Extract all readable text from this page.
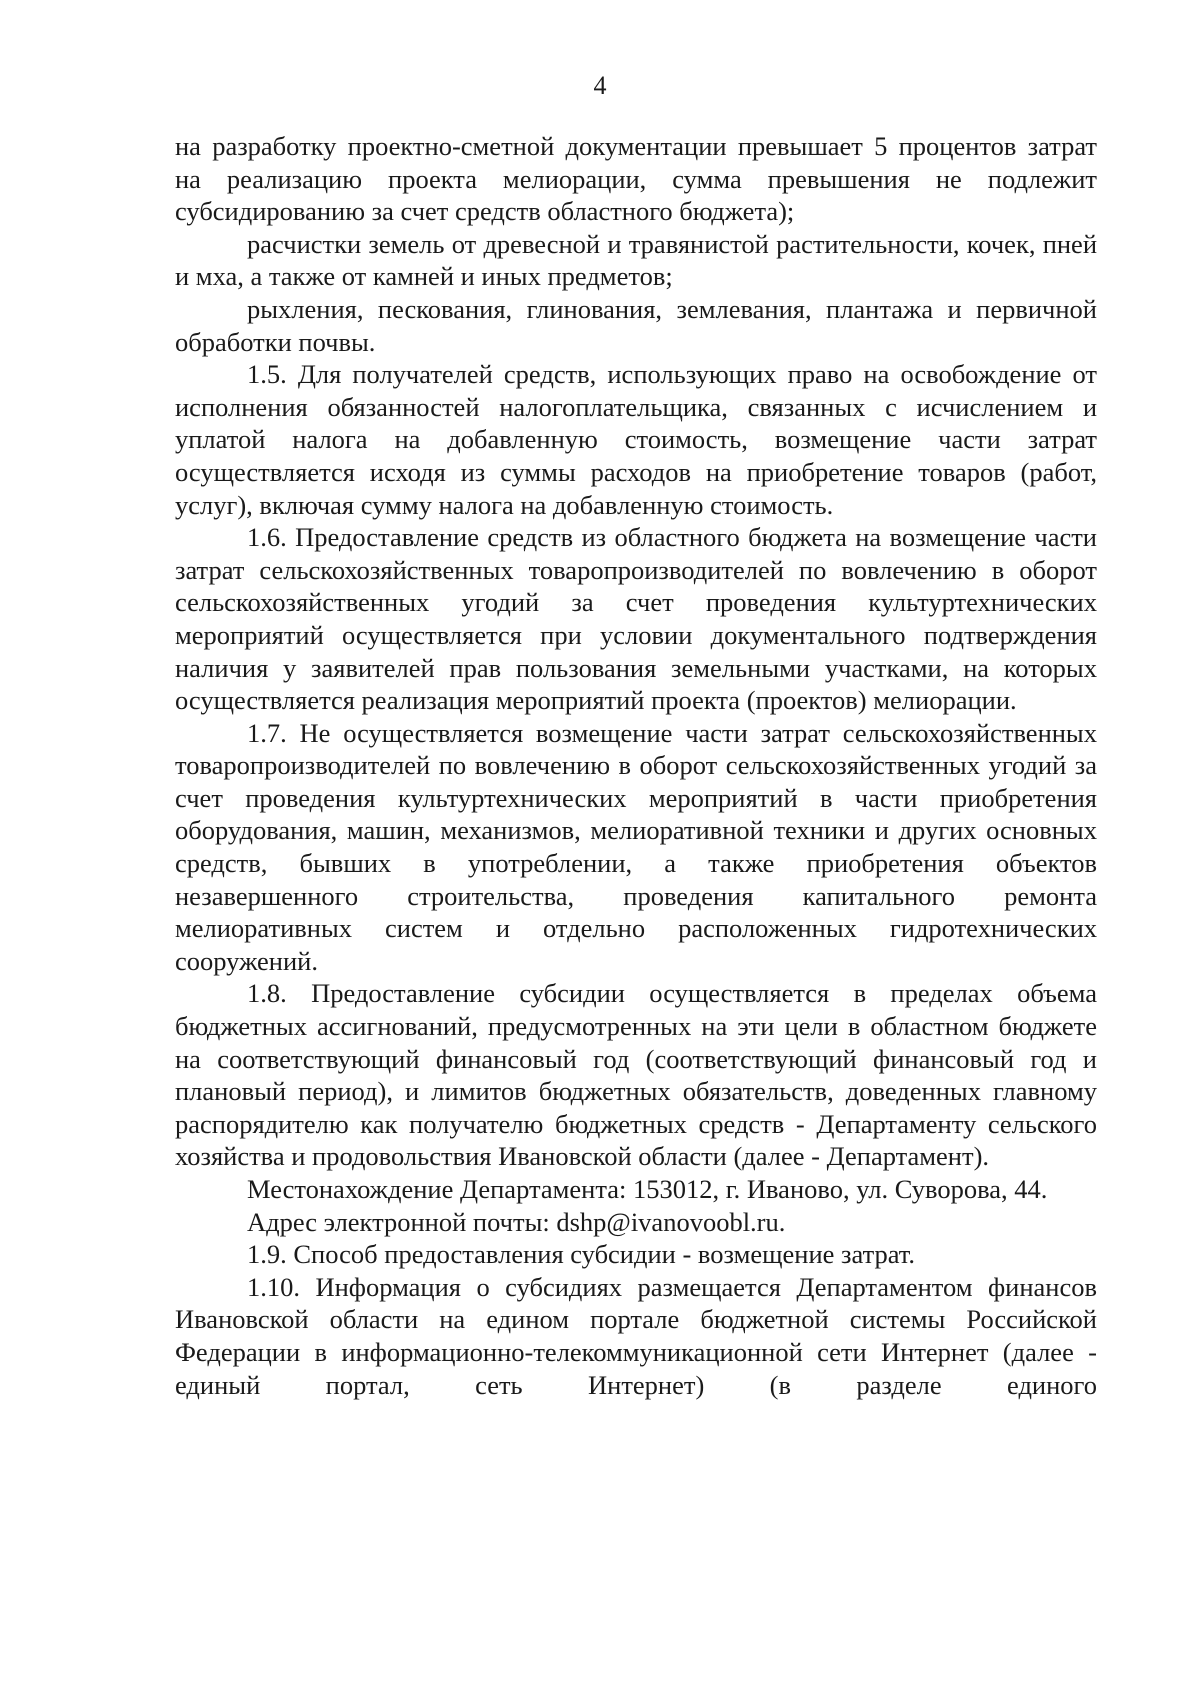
4

на разработку проектно-сметной документации превышает 5 процентов затрат на реализацию проекта мелиорации, сумма превышения не подлежит субсидированию за счет средств областного бюджета);

расчистки земель от древесной и травянистой растительности, кочек, пней и мха, а также от камней и иных предметов;

рыхления, пескования, глинования, землевания, плантажа и первичной обработки почвы.

1.5. Для получателей средств, использующих право на освобождение от исполнения обязанностей налогоплательщика, связанных с исчислением и уплатой налога на добавленную стоимость, возмещение части затрат осуществляется исходя из суммы расходов на приобретение товаров (работ, услуг), включая сумму налога на добавленную стоимость.

1.6. Предоставление средств из областного бюджета на возмещение части затрат сельскохозяйственных товаропроизводителей по вовлечению в оборот сельскохозяйственных угодий за счет проведения культуртехнических мероприятий осуществляется при условии документального подтверждения наличия у заявителей прав пользования земельными участками, на которых осуществляется реализация мероприятий проекта (проектов) мелиорации.

1.7. Не осуществляется возмещение части затрат сельскохозяйственных товаропроизводителей по вовлечению в оборот сельскохозяйственных угодий за счет проведения культуртехнических мероприятий в части приобретения оборудования, машин, механизмов, мелиоративной техники и других основных средств, бывших в употреблении, а также приобретения объектов незавершенного строительства, проведения капитального ремонта мелиоративных систем и отдельно расположенных гидротехнических сооружений.

1.8. Предоставление субсидии осуществляется в пределах объема бюджетных ассигнований, предусмотренных на эти цели в областном бюджете на соответствующий финансовый год (соответствующий финансовый год и плановый период), и лимитов бюджетных обязательств, доведенных главному распорядителю как получателю бюджетных средств - Департаменту сельского хозяйства и продовольствия Ивановской области (далее - Департамент).

Местонахождение Департамента: 153012, г. Иваново, ул. Суворова, 44.

Адрес электронной почты: dshp@ivanovoobl.ru.

1.9. Способ предоставления субсидии - возмещение затрат.

1.10. Информация о субсидиях размещается Департаментом финансов Ивановской области на едином портале бюджетной системы Российской Федерации в информационно-телекоммуникационной сети Интернет (далее - единый портал, сеть Интернет) (в разделе единого
